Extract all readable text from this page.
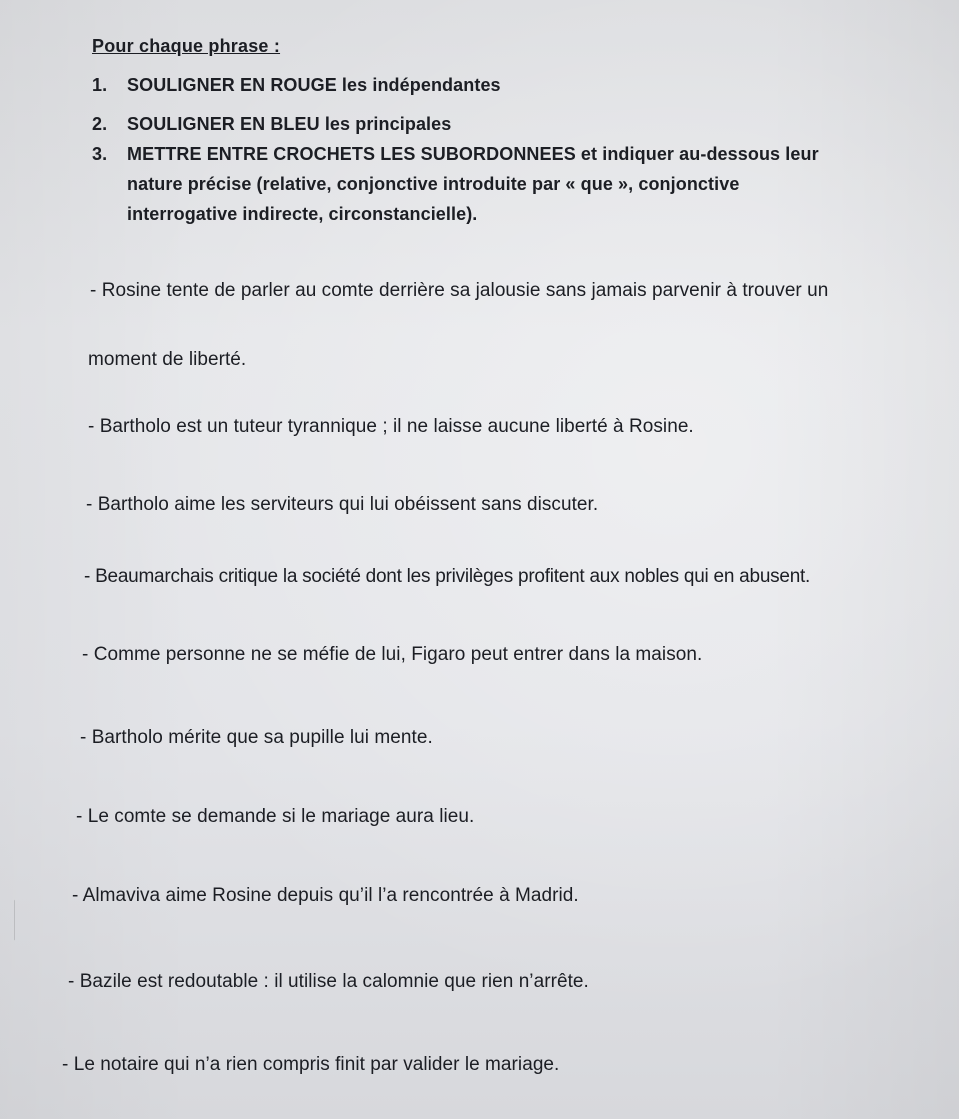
Pour chaque phrase :
1.	SOULIGNER EN ROUGE les indépendantes
2.	SOULIGNER EN BLEU les principales
3.	METTRE ENTRE CROCHETS LES SUBORDONNEES et indiquer au-dessous leur
nature précise (relative, conjonctive introduite par « que », conjonctive
interrogative indirecte, circonstancielle).
- Rosine tente de parler au comte derrière sa jalousie sans jamais parvenir à trouver un
moment de liberté.
- Bartholo est un tuteur tyrannique ; il ne laisse aucune liberté à Rosine.
- Bartholo aime les serviteurs qui lui obéissent sans discuter.
- Beaumarchais critique la société dont les privilèges profitent aux nobles qui en abusent.
- Comme personne ne se méfie de lui, Figaro peut entrer dans la maison.
- Bartholo mérite que sa pupille lui mente.
- Le comte se demande si le mariage aura lieu.
- Almaviva aime Rosine depuis qu’il l’a rencontrée à Madrid.
- Bazile est redoutable : il utilise la calomnie que rien n’arrête.
- Le notaire qui n’a rien compris finit par valider le mariage.
